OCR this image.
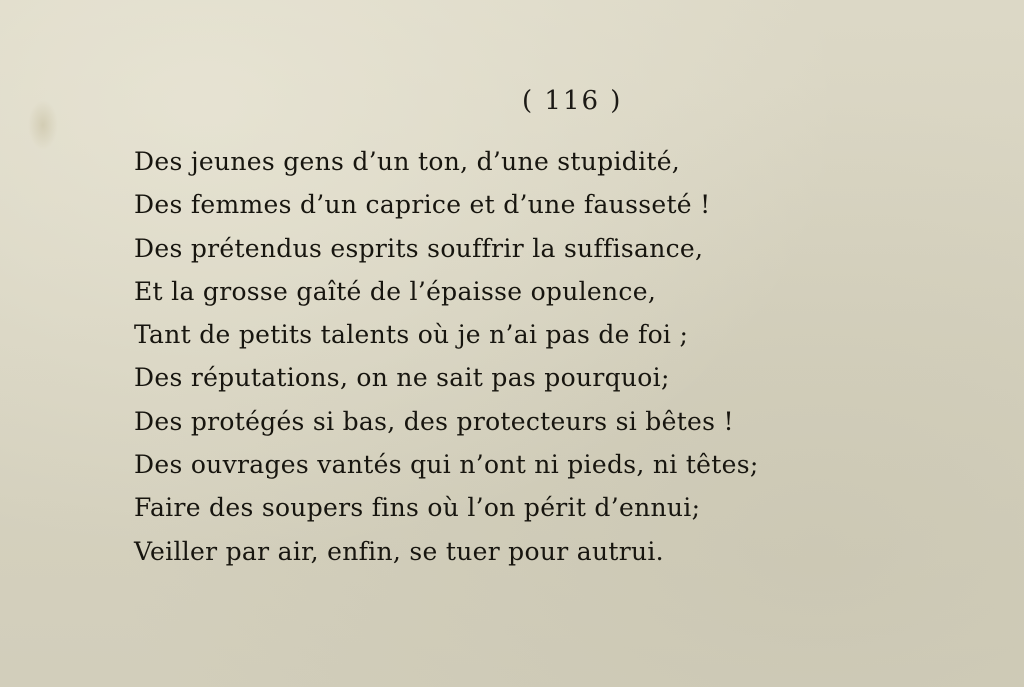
( 116 )
Des jeunes gens d’un ton, d’une stupidité,
Des femmes d’un caprice et d’une fausseté !
Des prétendus esprits souffrir la suffisance,
Et la grosse gaîté de l’épaisse opulence,
Tant de petits talents où je n’ai pas de foi ;
Des réputations, on ne sait pas pourquoi;
Des protégés si bas, des protecteurs si bêtes !
Des ouvrages vantés qui n’ont ni pieds, ni têtes;
Faire des soupers fins où l’on périt d’ennui;
Veiller par air, enfin, se tuer pour autrui.
